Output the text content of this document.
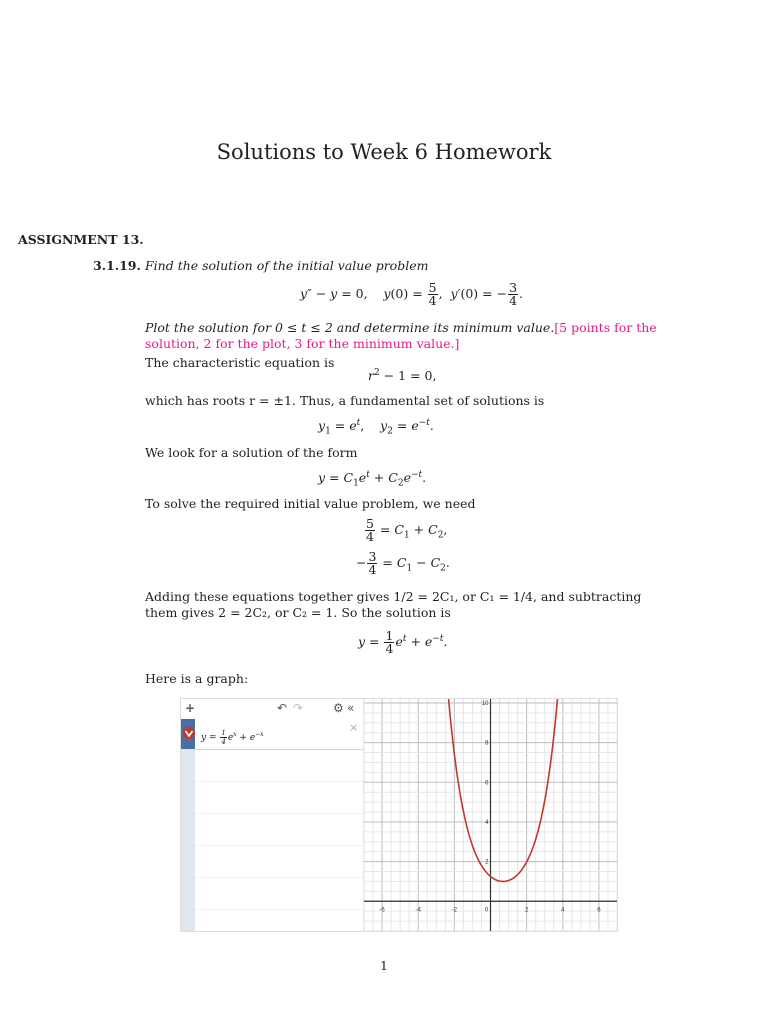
Solutions to Week 6 Homework
ASSIGNMENT 13.
3.1.19. Find the solution of the initial value problem
y″ − y = 0,    $y(0) = \frac{5}{4}$ ,  y′(0) = − $\frac{3}{4}$ .
Plot the solution for 0 ≤ t ≤ 2 and determine its minimum value.[5 points for the solution, 2 for the plot, 3 for the minimum value.]
The characteristic equation is
$r^2 - 1 = 0$,
which has roots r = ±1. Thus, a fundamental set of solutions is
$y_1 = e^t$,    $y_2 = e^{-t}$.
We look for a solution of the form
$y = C_1e^t + C_2e^{-t}$.
To solve the required initial value problem, we need
$\frac{5}{4} = C_1 + C_2$,
− $\frac{3}{4} = C_1 - C_2$.
Adding these equations together gives 1/2 = 2C₁, or C₁ = 1/4, and subtracting them gives 2 = 2C₂, or C₂ = 1. So the solution is
$y = \frac{1}{4} e^t + e^{-t}$.
Here is a graph:
+	↶ ↷ ⚙ «
$y = \frac{1}{4} e^x + e^{-x}$
×
-6	-4	-2	0	2	4	6
2
4
6
8
10
1
